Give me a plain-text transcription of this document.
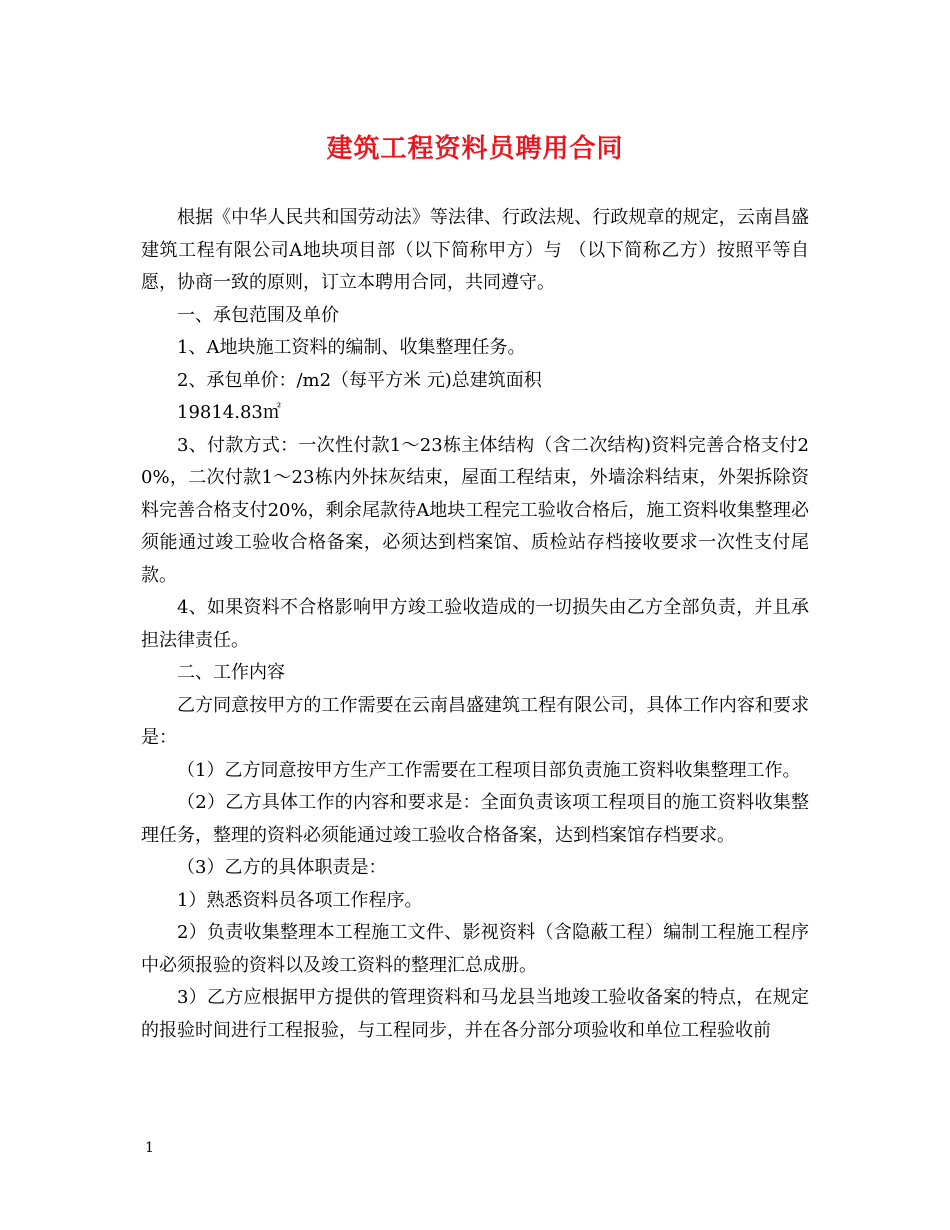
建筑工程资料员聘用合同

根据《中华人民共和国劳动法》等法律、行政法规、行政规章的规定，云南昌盛建筑工程有限公司A地块项目部（以下简称甲方）与 （以下简称乙方）按照平等自愿，协商一致的原则，订立本聘用合同，共同遵守。

一、承包范围及单价

1、A地块施工资料的编制、收集整理任务。

2、承包单价：/m2（每平方米 元)总建筑面积

19814.83㎡

3、付款方式：一次性付款1～23栋主体结构（含二次结构)资料完善合格支付20%，二次付款1～23栋内外抹灰结束，屋面工程结束，外墙涂料结束，外架拆除资料完善合格支付20%，剩余尾款待A地块工程完工验收合格后，施工资料收集整理必须能通过竣工验收合格备案，必须达到档案馆、质检站存档接收要求一次性支付尾款。

4、如果资料不合格影响甲方竣工验收造成的一切损失由乙方全部负责，并且承担法律责任。

二、工作内容

乙方同意按甲方的工作需要在云南昌盛建筑工程有限公司，具体工作内容和要求是：

（1）乙方同意按甲方生产工作需要在工程项目部负责施工资料收集整理工作。

（2）乙方具体工作的内容和要求是：全面负责该项工程项目的施工资料收集整理任务，整理的资料必须能通过竣工验收合格备案，达到档案馆存档要求。

（3）乙方的具体职责是：

1）熟悉资料员各项工作程序。

2）负责收集整理本工程施工文件、影视资料（含隐蔽工程）编制工程施工程序中必须报验的资料以及竣工资料的整理汇总成册。

3）乙方应根据甲方提供的管理资料和马龙县当地竣工验收备案的特点，在规定的报验时间进行工程报验，与工程同步，并在各分部分项验收和单位工程验收前

1
